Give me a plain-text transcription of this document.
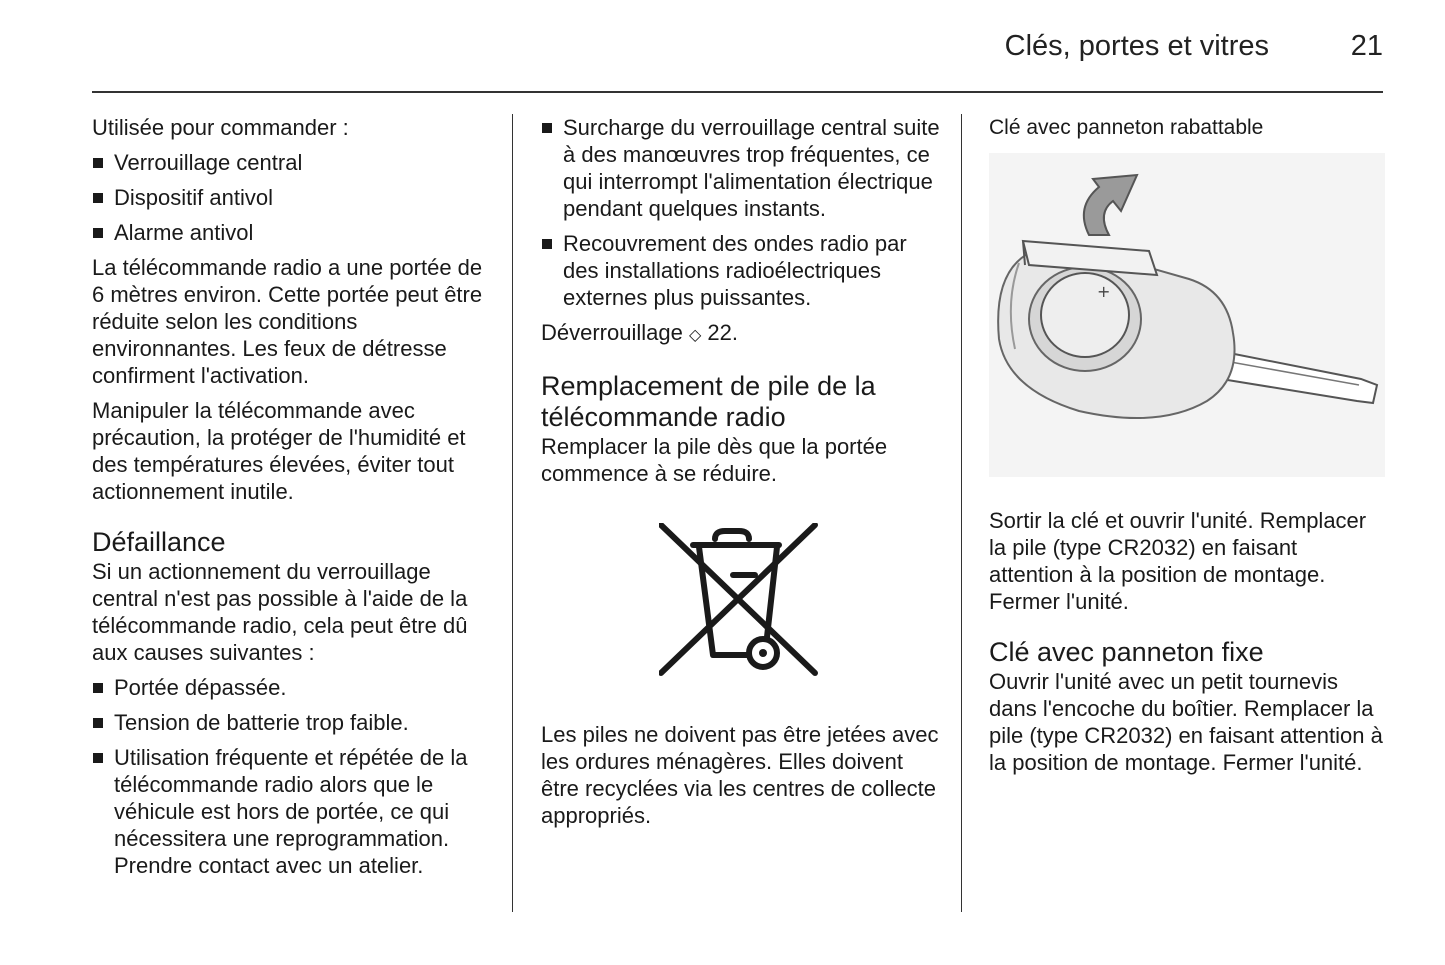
Clés, portes et vitres	21

Utilisée pour commander :

Verrouillage central
Dispositif antivol
Alarme antivol

La télécommande radio a une portée de 6 mètres environ. Cette portée peut être réduite selon les conditions environnantes. Les feux de détresse confirment l'activation.

Manipuler la télécommande avec précaution, la protéger de l'humidité et des températures élevées, éviter tout actionnement inutile.

Défaillance

Si un actionnement du verrouillage central n'est pas possible à l'aide de la télécommande radio, cela peut être dû aux causes suivantes :

Portée dépassée.
Tension de batterie trop faible.
Utilisation fréquente et répétée de la télécommande radio alors que le véhicule est hors de portée, ce qui nécessitera une reprogrammation. Prendre contact avec un atelier.
Surcharge du verrouillage central suite à des manœuvres trop fréquentes, ce qui interrompt l'alimentation électrique pendant quelques instants.
Recouvrement des ondes radio par des installations radioélectriques externes plus puissantes.

Déverrouillage ◇ 22.

Remplacement de pile de la télécommande radio

Remplacer la pile dès que la portée commence à se réduire.

Les piles ne doivent pas être jetées avec les ordures ménagères. Elles doivent être recyclées via les centres de collecte appropriés.

Clé avec panneton rabattable
+

Sortir la clé et ouvrir l'unité. Remplacer la pile (type CR2032) en faisant attention à la position de montage. Fermer l'unité.

Clé avec panneton fixe

Ouvrir l'unité avec un petit tournevis dans l'encoche du boîtier. Remplacer la pile (type CR2032) en faisant attention à la position de montage. Fermer l'unité.
